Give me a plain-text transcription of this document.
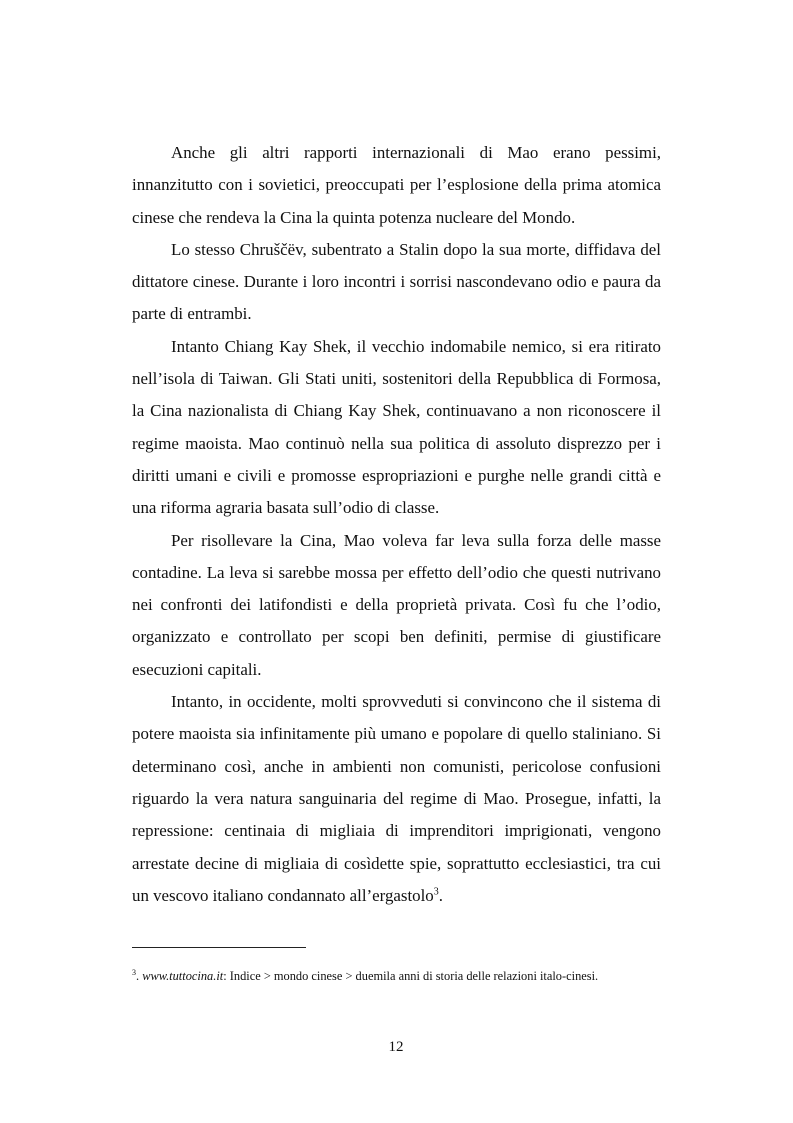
Anche gli altri rapporti internazionali di Mao erano pessimi, innanzitutto con i sovietici, preoccupati per l’esplosione della prima atomica cinese che rendeva la Cina la quinta potenza nucleare del Mondo.

Lo stesso Chruščëv, subentrato a Stalin dopo la sua morte, diffidava del dittatore cinese. Durante i loro incontri i sorrisi nascondevano odio e paura da parte di entrambi.

Intanto Chiang Kay Shek, il vecchio indomabile nemico, si era ritirato nell’isola di Taiwan. Gli Stati uniti, sostenitori della Repubblica di Formosa, la Cina nazionalista di Chiang Kay Shek, continuavano a non riconoscere il regime maoista. Mao continuò nella sua politica di assoluto disprezzo per i diritti umani e civili e promosse espropriazioni e purghe nelle grandi città e una riforma agraria basata sull’odio di classe.

Per risollevare la Cina, Mao voleva far leva sulla forza delle masse contadine. La leva si sarebbe mossa per effetto dell’odio che questi nutrivano nei confronti dei latifondisti e della proprietà privata. Così fu che l’odio, organizzato e controllato per scopi ben definiti, permise di giustificare esecuzioni capitali.

Intanto, in occidente, molti sprovveduti si convincono che il sistema di potere maoista sia infinitamente più umano e popolare di quello staliniano. Si determinano così, anche in ambienti non comunisti, pericolose confusioni riguardo la vera natura sanguinaria del regime di Mao. Prosegue, infatti, la repressione: centinaia di migliaia di imprenditori imprigionati, vengono arrestate decine di migliaia di cosìdette spie, soprattutto ecclesiastici, tra cui un vescovo italiano condannato all’ergastolo$^3$.

$^3$. www.tuttocina.it: Indice > mondo cinese > duemila anni di storia delle relazioni italo-cinesi.
12
